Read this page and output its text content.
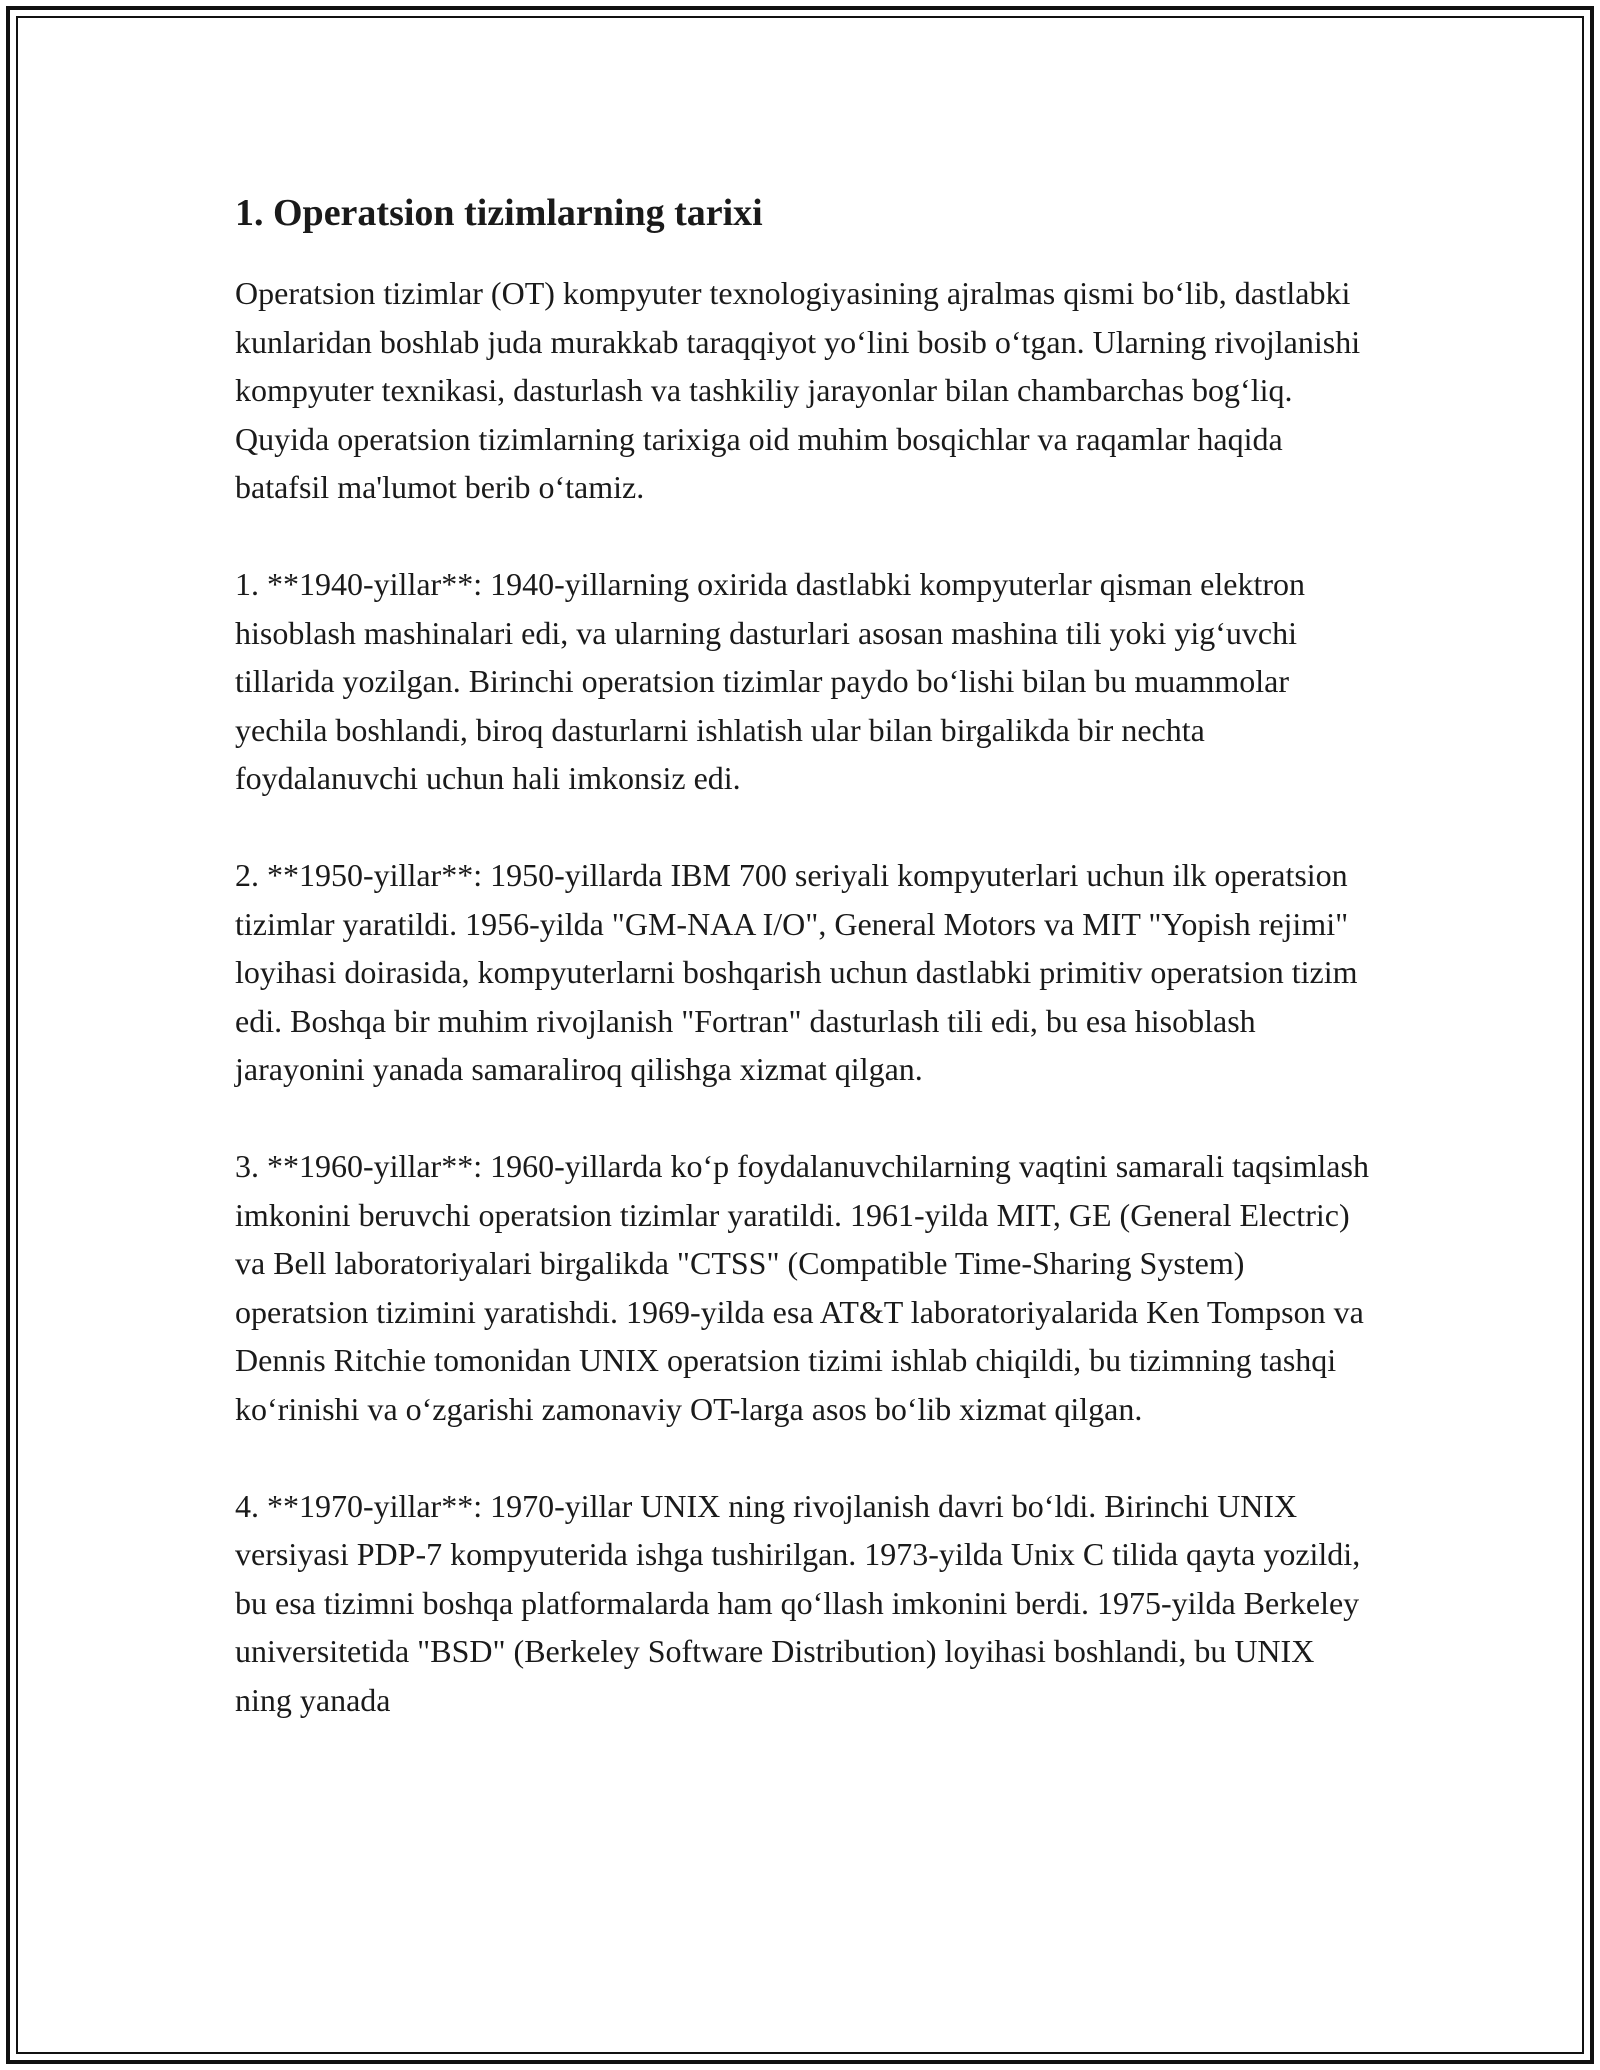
1. Operatsion tizimlarning tarixi

Operatsion tizimlar (OT) kompyuter texnologiyasining ajralmas qismi bo‘lib, dastlabki kunlaridan boshlab juda murakkab taraqqiyot yo‘lini bosib o‘tgan. Ularning rivojlanishi kompyuter texnikasi, dasturlash va tashkiliy jarayonlar bilan chambarchas bog‘liq. Quyida operatsion tizimlarning tarixiga oid muhim bosqichlar va raqamlar haqida batafsil ma'lumot berib o‘tamiz.

1. **1940-yillar**: 1940-yillarning oxirida dastlabki kompyuterlar qisman elektron hisoblash mashinalari edi, va ularning dasturlari asosan mashina tili yoki yig‘uvchi tillarida yozilgan. Birinchi operatsion tizimlar paydo bo‘lishi bilan bu muammolar yechila boshlandi, biroq dasturlarni ishlatish ular bilan birgalikda bir nechta foydalanuvchi uchun hali imkonsiz edi.

2. **1950-yillar**: 1950-yillarda IBM 700 seriyali kompyuterlari uchun ilk operatsion tizimlar yaratildi. 1956-yilda "GM-NAA I/O", General Motors va MIT "Yopish rejimi" loyihasi doirasida, kompyuterlarni boshqarish uchun dastlabki primitiv operatsion tizim edi. Boshqa bir muhim rivojlanish "Fortran" dasturlash tili edi, bu esa hisoblash jarayonini yanada samaraliroq qilishga xizmat qilgan.

3. **1960-yillar**: 1960-yillarda ko‘p foydalanuvchilarning vaqtini samarali taqsimlash imkonini beruvchi operatsion tizimlar yaratildi. 1961-yilda MIT, GE (General Electric) va Bell laboratoriyalari birgalikda "CTSS" (Compatible Time-Sharing System) operatsion tizimini yaratishdi. 1969-yilda esa AT&T laboratoriyalarida Ken Tompson va Dennis Ritchie tomonidan UNIX operatsion tizimi ishlab chiqildi, bu tizimning tashqi ko‘rinishi va o‘zgarishi zamonaviy OT-larga asos bo‘lib xizmat qilgan.

4. **1970-yillar**: 1970-yillar UNIX ning rivojlanish davri bo‘ldi. Birinchi UNIX versiyasi PDP-7 kompyuterida ishga tushirilgan. 1973-yilda Unix C tilida qayta yozildi, bu esa tizimni boshqa platformalarda ham qo‘llash imkonini berdi. 1975-yilda Berkeley universitetida "BSD" (Berkeley Software Distribution) loyihasi boshlandi, bu UNIX ning yanada
